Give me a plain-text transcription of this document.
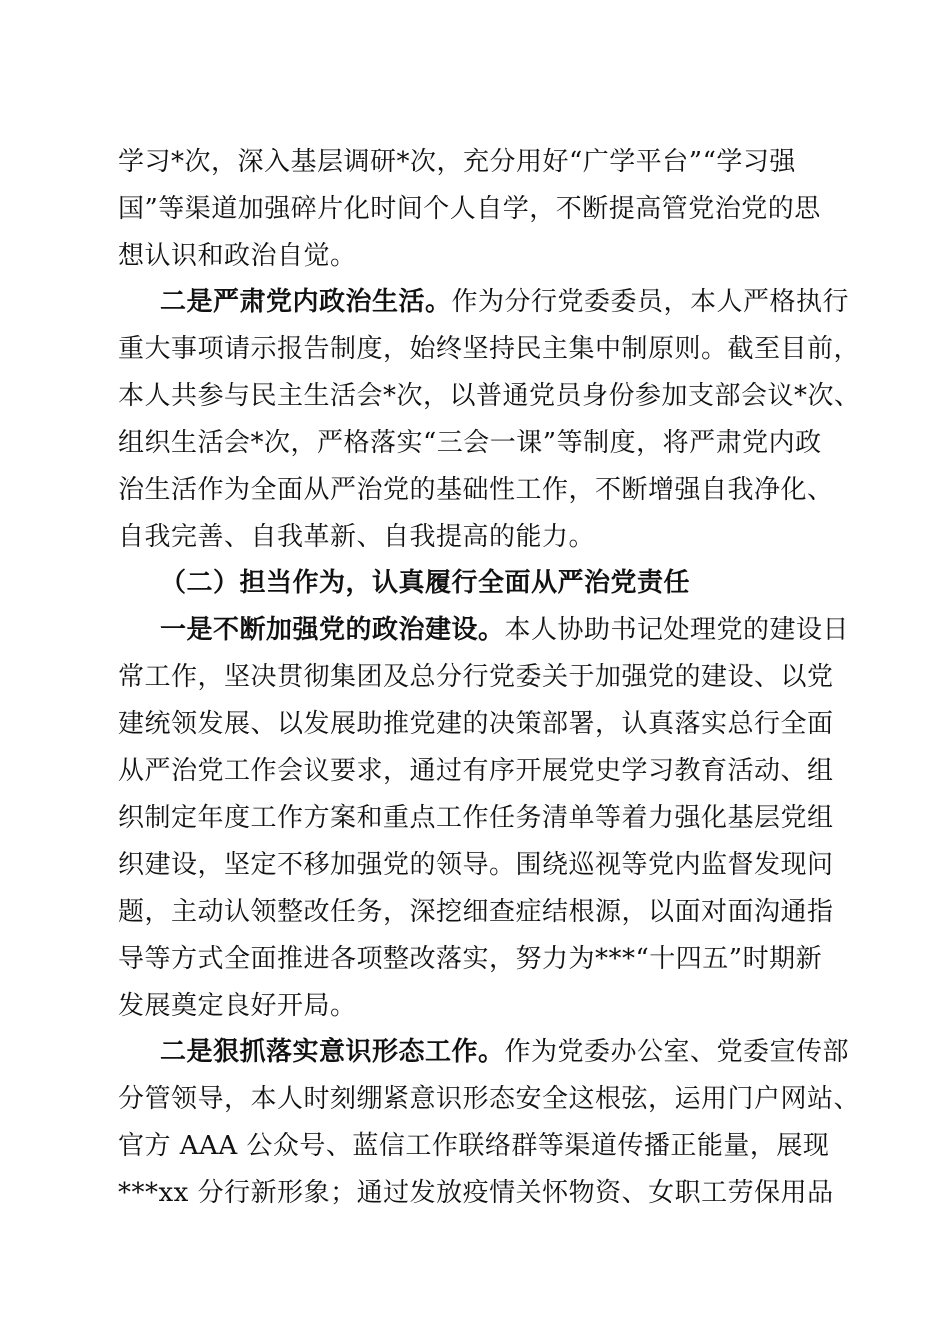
学习*次，深入基层调研*次，充分用好“广学平台”“学习强
国”等渠道加强碎片化时间个人自学，不断提高管党治党的思
想认识和政治自觉。
二是严肃党内政治生活。作为分行党委委员，本人严格执行
重大事项请示报告制度，始终坚持民主集中制原则。截至目前，
本人共参与民主生活会*次，以普通党员身份参加支部会议*次、
组织生活会*次，严格落实“三会一课”等制度，将严肃党内政
治生活作为全面从严治党的基础性工作，不断增强自我净化、
自我完善、自我革新、自我提高的能力。
（二）担当作为，认真履行全面从严治党责任
一是不断加强党的政治建设。本人协助书记处理党的建设日
常工作，坚决贯彻集团及总分行党委关于加强党的建设、以党
建统领发展、以发展助推党建的决策部署，认真落实总行全面
从严治党工作会议要求，通过有序开展党史学习教育活动、组
织制定年度工作方案和重点工作任务清单等着力强化基层党组
织建设，坚定不移加强党的领导。围绕巡视等党内监督发现问
题，主动认领整改任务，深挖细查症结根源，以面对面沟通指
导等方式全面推进各项整改落实，努力为***“十四五”时期新
发展奠定良好开局。
二是狠抓落实意识形态工作。作为党委办公室、党委宣传部
分管领导，本人时刻绷紧意识形态安全这根弦，运用门户网站、
官方 AAA 公众号、蓝信工作联络群等渠道传播正能量，展现
***xx 分行新形象；通过发放疫情关怀物资、女职工劳保用品
